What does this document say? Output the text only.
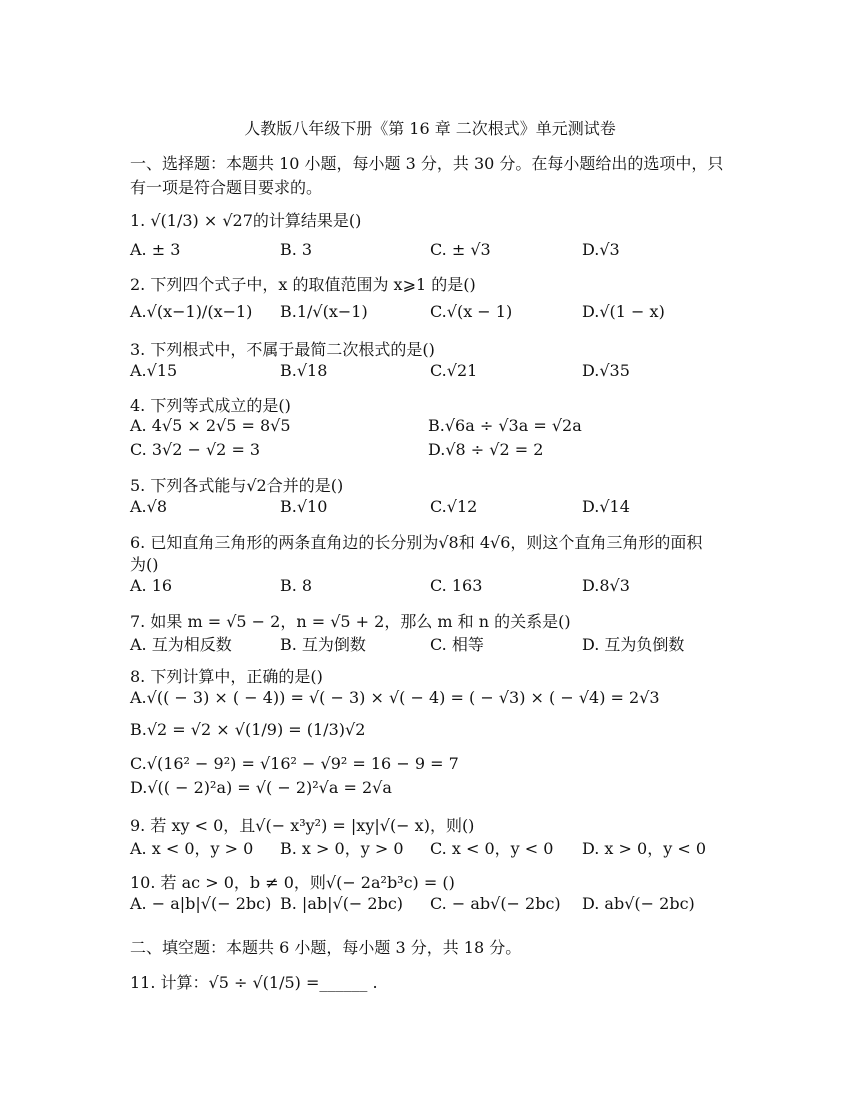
人教版八年级下册《第 16 章 二次根式》单元测试卷
一、选择题：本题共 10 小题，每小题 3 分，共 30 分。在每小题给出的选项中，只有一项是符合题目要求的。
1. √(1/3) × √27的计算结果是()
A. ± 3	B. 3	C. ± √3	D.√3
2. 下列四个式子中，x 的取值范围为 x⩾1 的是()
A.√(x−1)/(x−1) B.1/√(x−1)	C.√(x − 1)	D.√(1 − x)
3. 下列根式中，不属于最简二次根式的是()
A.√15	B.√18	C.√21	D.√35
4. 下列等式成立的是()
A. 4√5 × 2√5 = 8√5	B.√6a ÷ √3a = √2a
C. 3√2 − √2 = 3	D.√8 ÷ √2 = 2
5. 下列各式能与√2合并的是()
A.√8	B.√10	C.√12	D.√14
6. 已知直角三角形的两条直角边的长分别为√8和 4√6，则这个直角三角形的面积
为()
A. 16	B. 8	C. 163	D.8√3
7. 如果 m = √5 − 2，n = √5 + 2，那么 m 和 n 的关系是()
A. 互为相反数	B. 互为倒数	C. 相等	D. 互为负倒数
8. 下列计算中，正确的是()
A.√(( − 3) × ( − 4)) = √( − 3) × √( − 4) = ( − √3) × ( − √4) = 2√3
B.√2 = √2 × √(1/9) = (1/3)√2
C.√(16² − 9²) = √16² − √9² = 16 − 9 = 7
D.√(( − 2)²a) = √( − 2)²√a = 2√a
9. 若 xy < 0，且√(− x³y²) = |xy|√(− x)，则()
A. x < 0，y > 0 B. x > 0，y > 0 C. x < 0，y < 0 D. x > 0，y < 0
10. 若 ac > 0，b ≠ 0，则√(− 2a²b³c) = ()
A. − a|b|√(− 2bc) B. |ab|√(− 2bc) C. − ab√(− 2bc) D. ab√(− 2bc)
二、填空题：本题共 6 小题，每小题 3 分，共 18 分。
11. 计算：√5 ÷ √(1/5) =______ .
